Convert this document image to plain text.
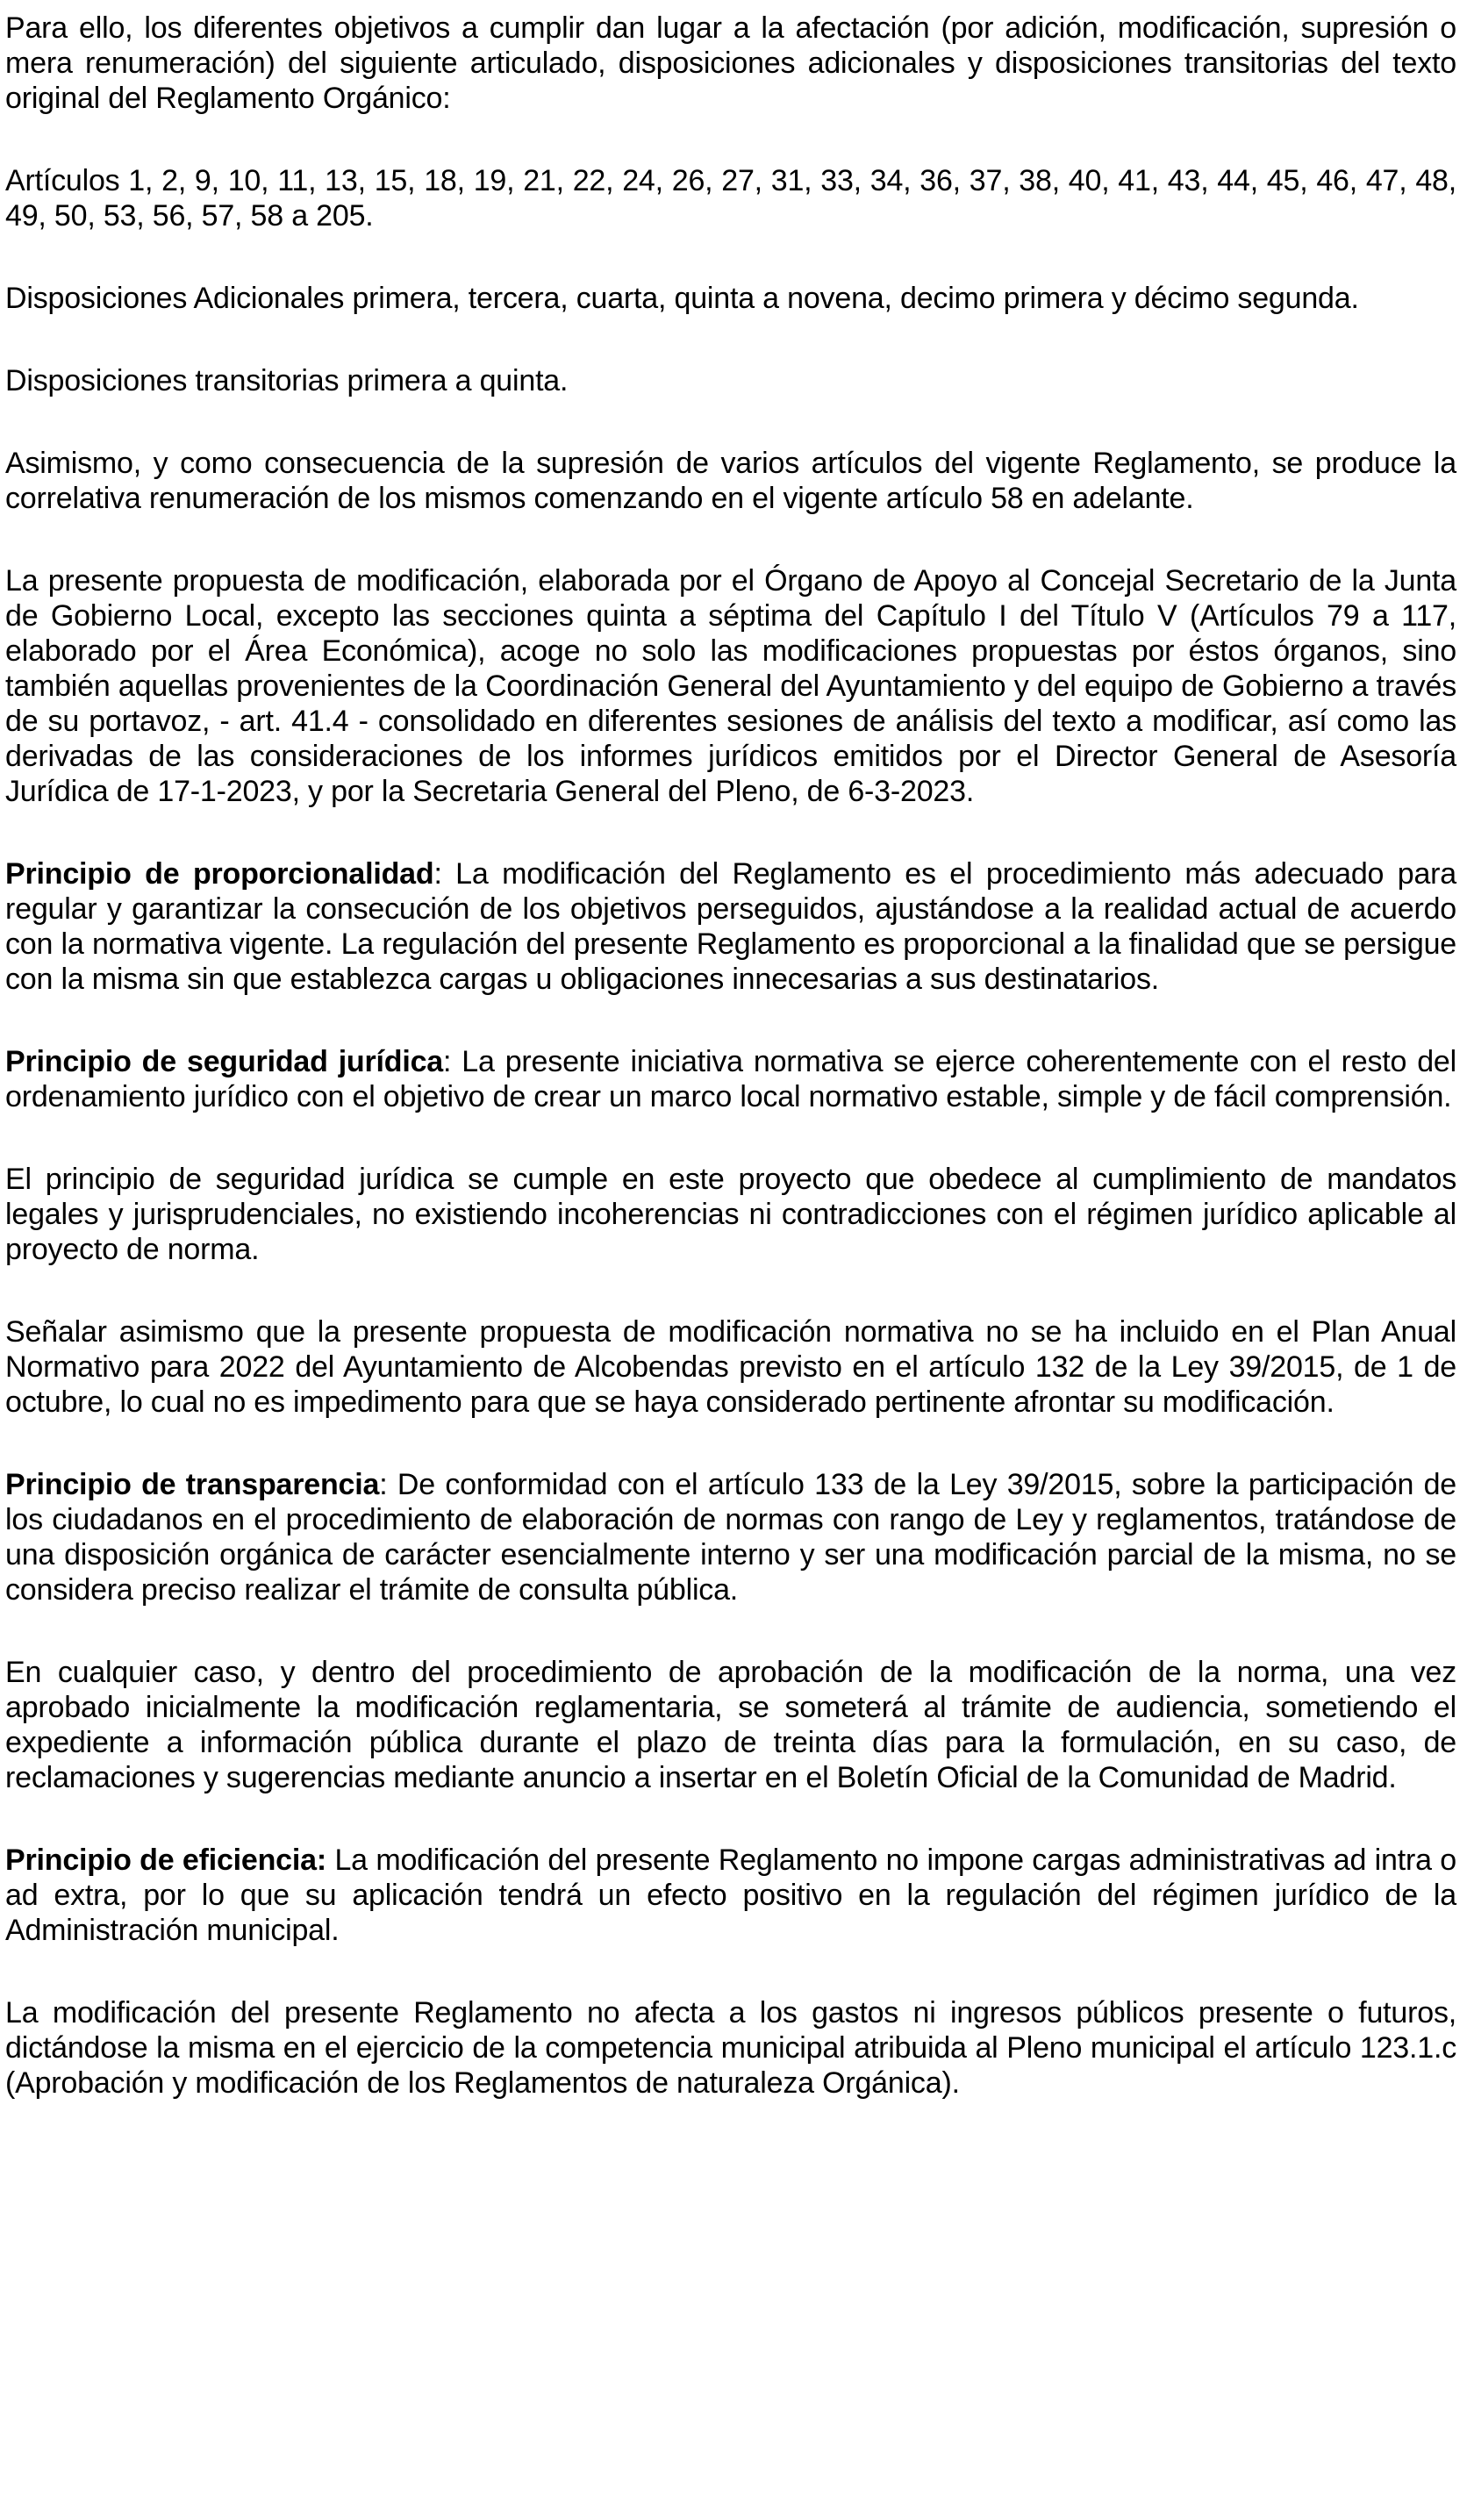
Para ello, los diferentes objetivos a cumplir dan lugar a la afectación (por adición, modificación, supresión o mera renumeración) del siguiente articulado, disposiciones adicionales y disposiciones transitorias del texto original del Reglamento Orgánico:

Artículos 1, 2, 9, 10, 11, 13, 15, 18, 19, 21, 22, 24, 26, 27, 31, 33, 34, 36, 37, 38, 40, 41, 43, 44, 45, 46, 47, 48, 49, 50, 53, 56, 57, 58 a 205.

Disposiciones Adicionales primera, tercera, cuarta, quinta a novena, decimo primera y décimo segunda.

Disposiciones transitorias primera a quinta.

Asimismo, y como consecuencia de la supresión de varios artículos del vigente Reglamento, se produce la correlativa renumeración de los mismos comenzando en el vigente artículo 58 en adelante.

La presente propuesta de modificación, elaborada por el Órgano de Apoyo al Concejal Secretario de la Junta de Gobierno Local, excepto las secciones quinta a séptima del Capítulo I del Título V (Artículos 79 a 117, elaborado por el Área Económica), acoge no solo las modificaciones propuestas por éstos órganos, sino también aquellas provenientes de la Coordinación General del Ayuntamiento y del equipo de Gobierno a través de su portavoz, - art. 41.4 - consolidado en diferentes sesiones de análisis del texto a modificar, así como las derivadas de las consideraciones de los informes jurídicos emitidos por el Director General de Asesoría Jurídica de 17-1-2023, y por la Secretaria General del Pleno, de 6-3-2023.

Principio de proporcionalidad: La modificación del Reglamento es el procedimiento más adecuado para regular y garantizar la consecución de los objetivos perseguidos, ajustándose a la realidad actual de acuerdo con la normativa vigente. La regulación del presente Reglamento es proporcional a la finalidad que se persigue con la misma sin que establezca cargas u obligaciones innecesarias a sus destinatarios.

Principio de seguridad jurídica: La presente iniciativa normativa se ejerce coherentemente con el resto del ordenamiento jurídico con el objetivo de crear un marco local normativo estable, simple y de fácil comprensión.

El principio de seguridad jurídica se cumple en este proyecto que obedece al cumplimiento de mandatos legales y jurisprudenciales, no existiendo incoherencias ni contradicciones con el régimen jurídico aplicable al proyecto de norma.

Señalar asimismo que la presente propuesta de modificación normativa no se ha incluido en el Plan Anual Normativo para 2022 del Ayuntamiento de Alcobendas previsto en el artículo 132 de la Ley 39/2015, de 1 de octubre, lo cual no es impedimento para que se haya considerado pertinente afrontar su modificación.

Principio de transparencia: De conformidad con el artículo 133 de la Ley 39/2015, sobre la participación de los ciudadanos en el procedimiento de elaboración de normas con rango de Ley y reglamentos, tratándose de una disposición orgánica de carácter esencialmente interno y ser una modificación parcial de la misma, no se considera preciso realizar el trámite de consulta pública.

En cualquier caso, y dentro del procedimiento de aprobación de la modificación de la norma, una vez aprobado inicialmente la modificación reglamentaria, se someterá al trámite de audiencia, sometiendo el expediente a información pública durante el plazo de treinta días para la formulación, en su caso, de reclamaciones y sugerencias mediante anuncio a insertar en el Boletín Oficial de la Comunidad de Madrid.

Principio de eficiencia: La modificación del presente Reglamento no impone cargas administrativas ad intra o ad extra, por lo que su aplicación tendrá un efecto positivo en la regulación del régimen jurídico de la Administración municipal.

La modificación del presente Reglamento no afecta a los gastos ni ingresos públicos presente o futuros, dictándose la misma en el ejercicio de la competencia municipal atribuida al Pleno municipal el artículo 123.1.c (Aprobación y modificación de los Reglamentos de naturaleza Orgánica).
